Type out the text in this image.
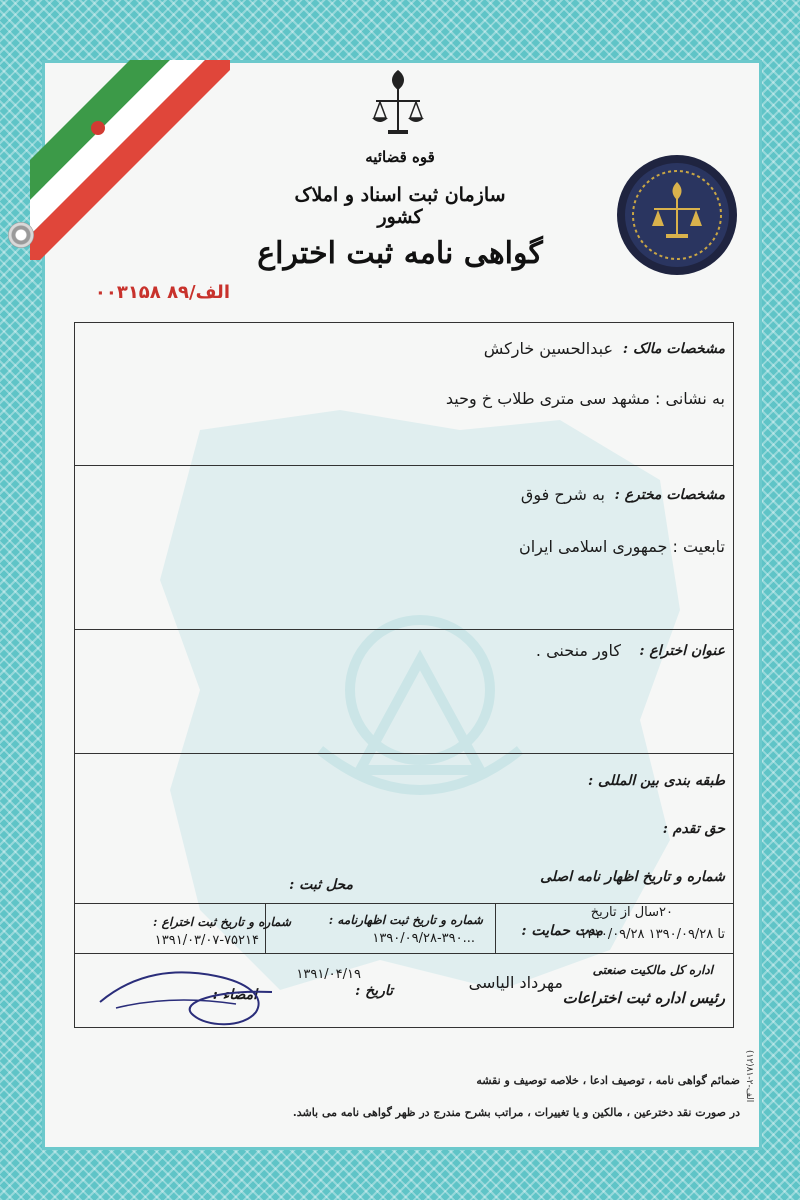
قوه قضائیه
سازمان ثبت اسناد و املاک کشور
گواهی نامه ثبت اختراع
الف/۸۹ ۰۰۳۱۵۸
مشخصات مالک :
عبدالحسین خارکش
به نشانی : مشهد سی متری طلاب خ وحید
مشخصات مخترع :
به شرح فوق
تابعیت : جمهوری اسلامی ایران
عنوان اختراع :
کاور منحنی .
طبقه بندی بین المللی :
حق تقدم :
شماره و تاریخ اظهار نامه اصلی
محل ثبت :
۲۰سال از تاریخ
مدت حمایت :
۱۴۱۰/۰۹/۲۸ تا ۱۳۹۰/۰۹/۲۸
شماره و تاریخ ثبت اظهارنامه :
۱۳۹۰/۰۹/۲۸-۳۹۰...
شماره و تاریخ ثبت اختراع :
۱۳۹۱/۰۳/۰۷-۷۵۲۱۴
اداره کل مالکیت صنعتی
مهرداد الیاسی
رئیس اداره ثبت اختراعات
تاریخ :
۱۳۹۱/۰۴/۱۹
امضاء :
ضمائم گواهی نامه ، توصیف ادعا ، خلاصه توصیف و نقشه
در صورت نقد دخترعین ، مالکین و یا تغییرات ، مراتب بشرح مندرج در ظهر گواهی نامه می باشد.
(۱۲)الف-۲-۸۱
